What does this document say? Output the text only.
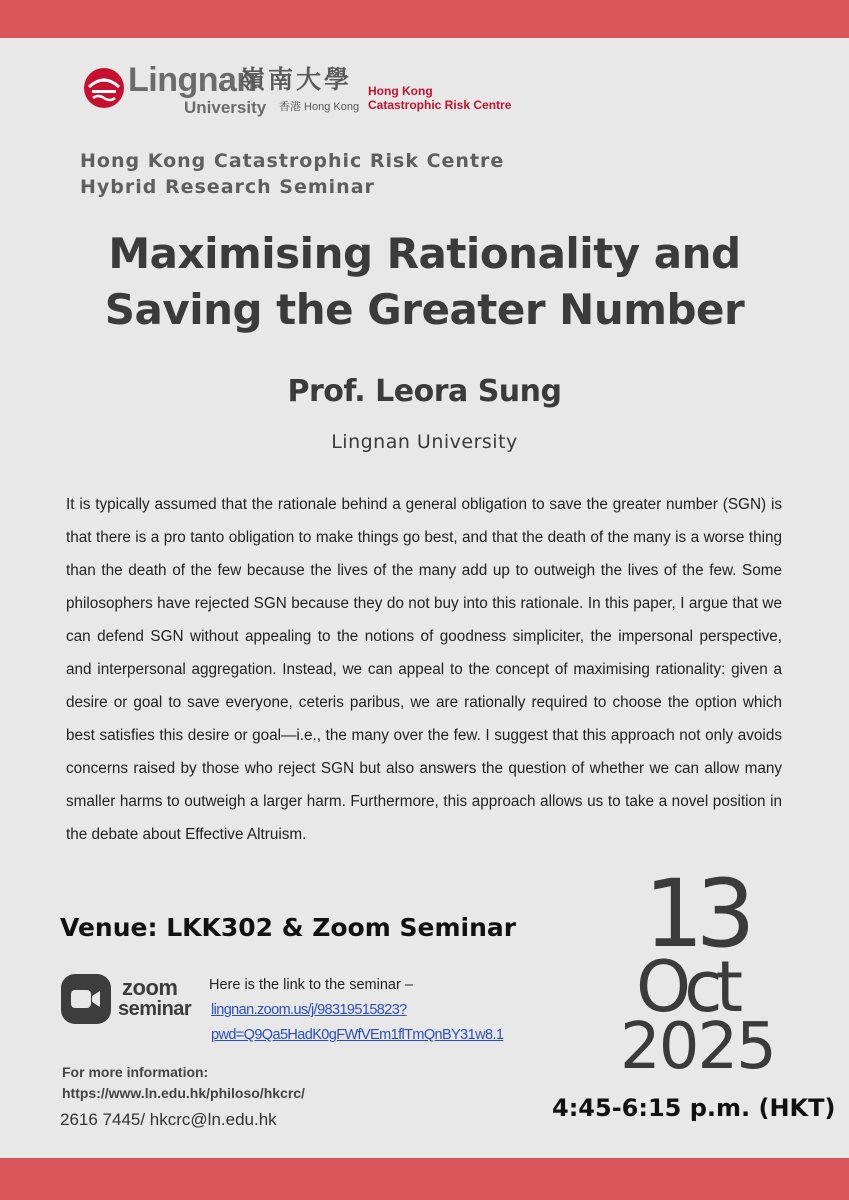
Lingnan
嶺南大學
University 香港 Hong Kong
Hong Kong
Catastrophic Risk Centre
Hong Kong Catastrophic Risk Centre
Hybrid Research Seminar
Maximising Rationality and
Saving the Greater Number
Prof. Leora Sung
Lingnan University
It is typically assumed that the rationale behind a general obligation to save the greater number (SGN) is that there is a pro tanto obligation to make things go best, and that the death of the many is a worse thing than the death of the few because the lives of the many add up to outweigh the lives of the few. Some philosophers have rejected SGN because they do not buy into this rationale. In this paper, I argue that we can defend SGN without appealing to the notions of goodness simpliciter, the impersonal perspective, and interpersonal aggregation. Instead, we can appeal to the concept of maximising rationality: given a desire or goal to save everyone, ceteris paribus, we are rationally required to choose the option which best satisfies this desire or goal—i.e., the many over the few. I suggest that this approach not only avoids concerns raised by those who reject SGN but also answers the question of whether we can allow many smaller harms to outweigh a larger harm. Furthermore, this approach allows us to take a novel position in the debate about Effective Altruism.
Venue: LKK302 & Zoom Seminar
zoom
seminar
Here is the link to the seminar –
lingnan.zoom.us/j/98319515823?
pwd=Q9Qa5HadK0gFWfVEm1flTmQnBY31w8.1
For more information:
https://www.ln.edu.hk/philoso/hkcrc/
2616 7445/ hkcrc@ln.edu.hk
13
Oct
2025
4:45-6:15 p.m. (HKT)
